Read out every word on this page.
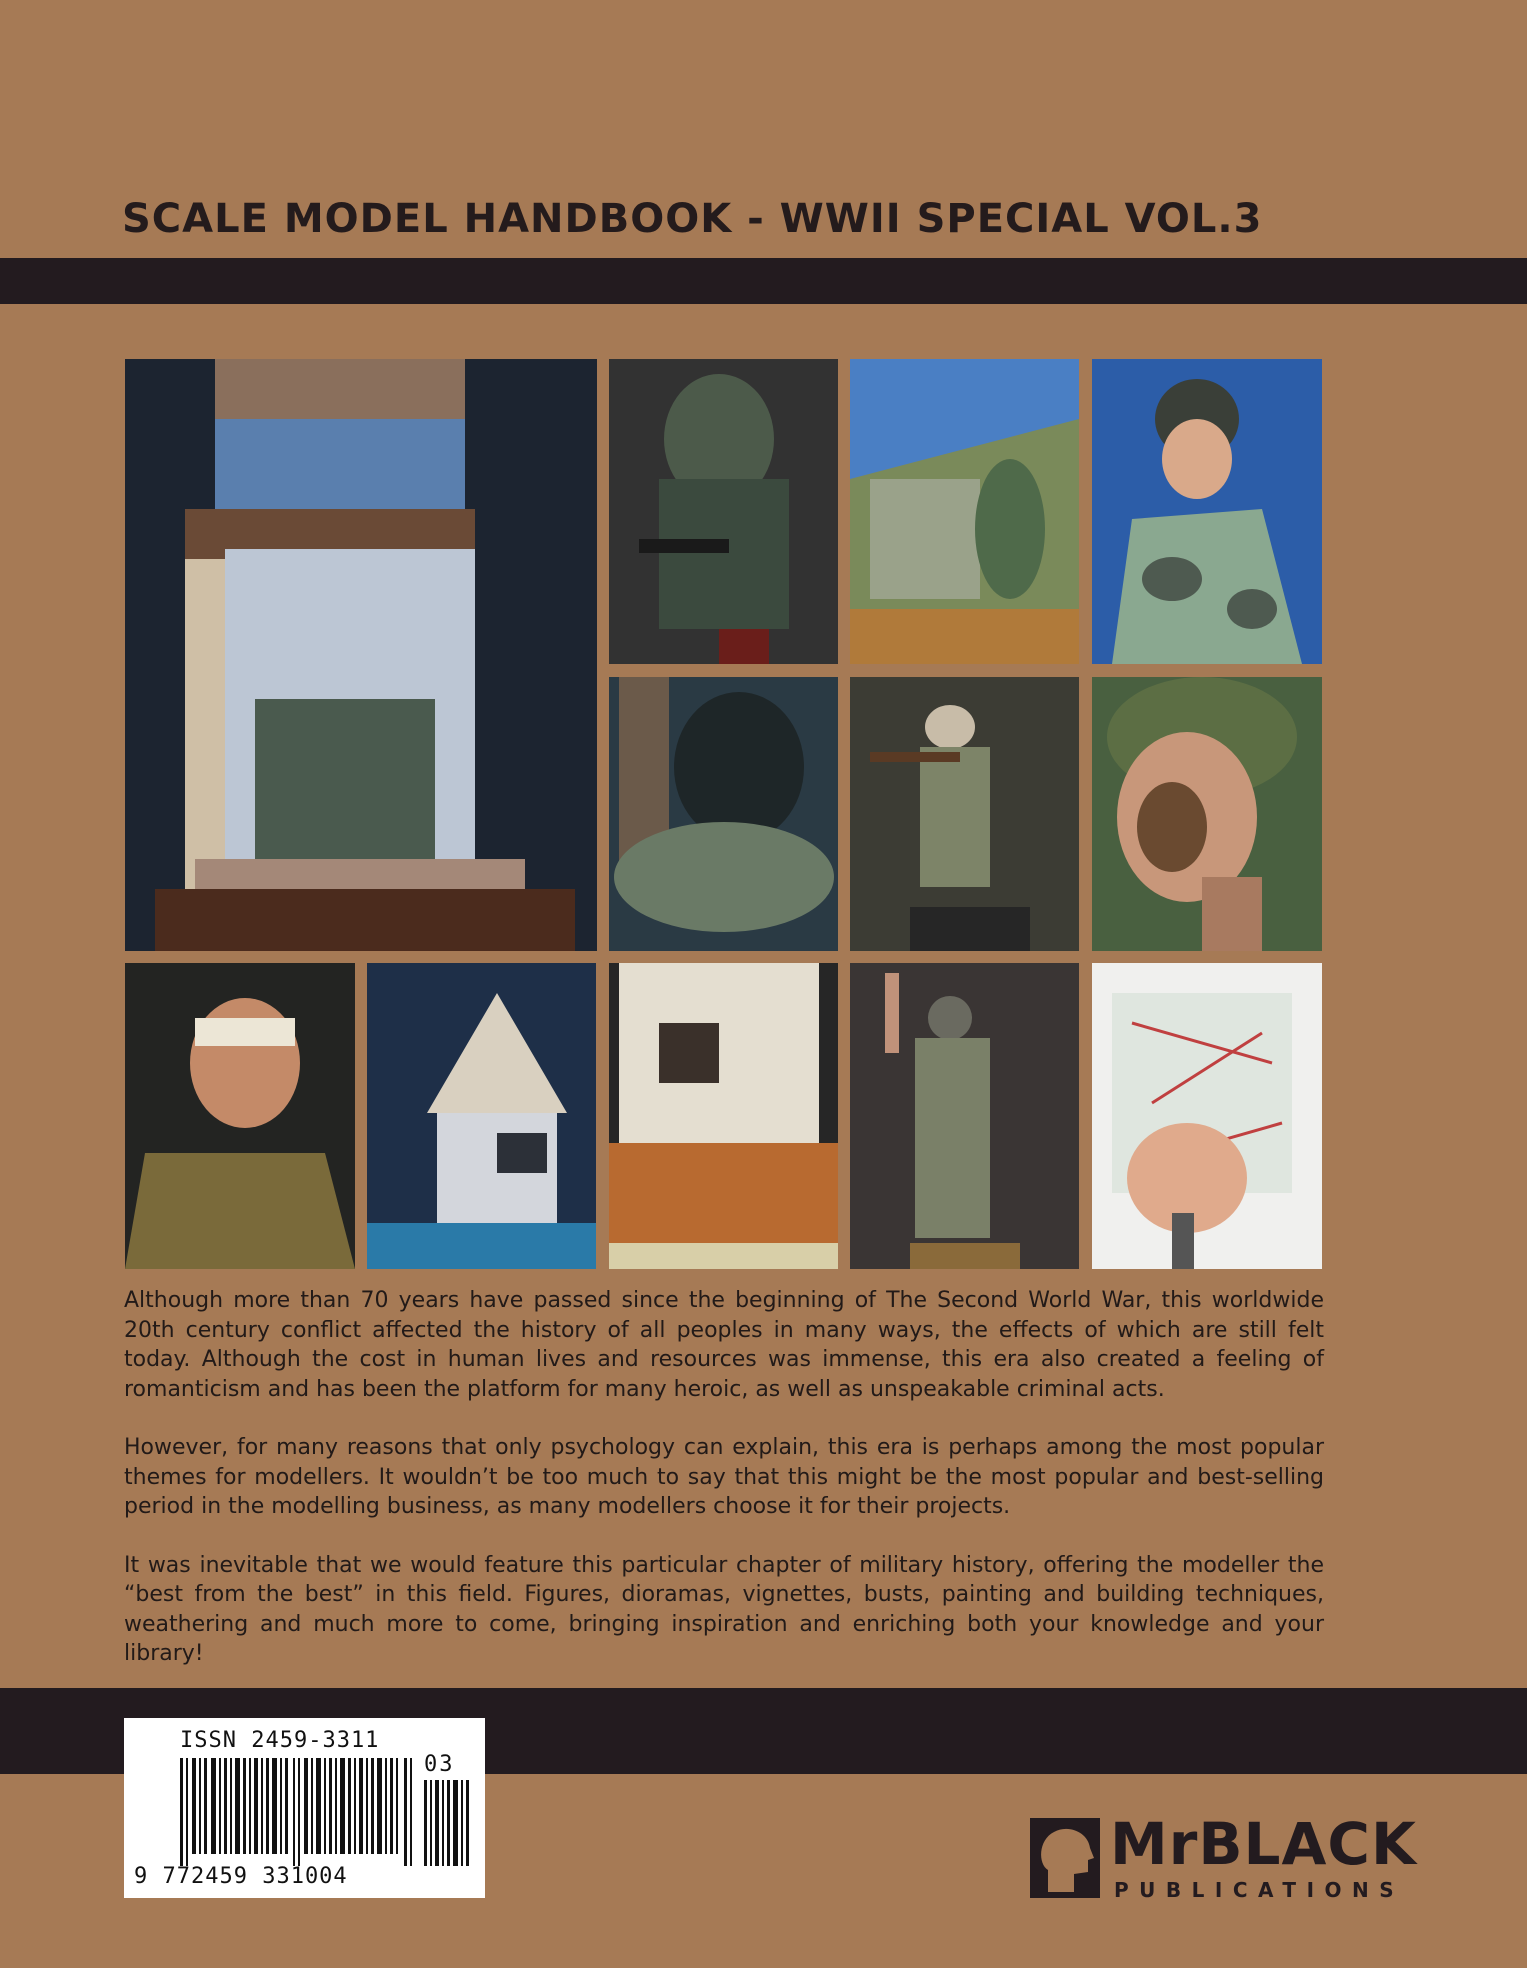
SCALE MODEL HANDBOOK - WWII SPECIAL VOL.3

Although more than 70 years have passed since the beginning of The Second World War, this worldwide 20th century conflict affected the history of all peoples in many ways, the effects of which are still felt today. Although the cost in human lives and resources was immense, this era also created a feeling of romanticism and has been the platform for many heroic, as well as unspeakable criminal acts.

However, for many reasons that only psychology can explain, this era is perhaps among the most popular themes for modellers. It wouldn’t be too much to say that this might be the most popular and best-selling period in the modelling business, as many modellers choose it for their projects.

It was inevitable that we would feature this particular chapter of military history, offering the modeller the “best from the best” in this field. Figures, dioramas, vignettes, busts, painting and building techniques, weathering and much more to come, bringing inspiration and enriching both your knowledge and your library!

ISSN 2459-3311
03
9 772459 331004	MrBLACK
PUBLICATIONS
